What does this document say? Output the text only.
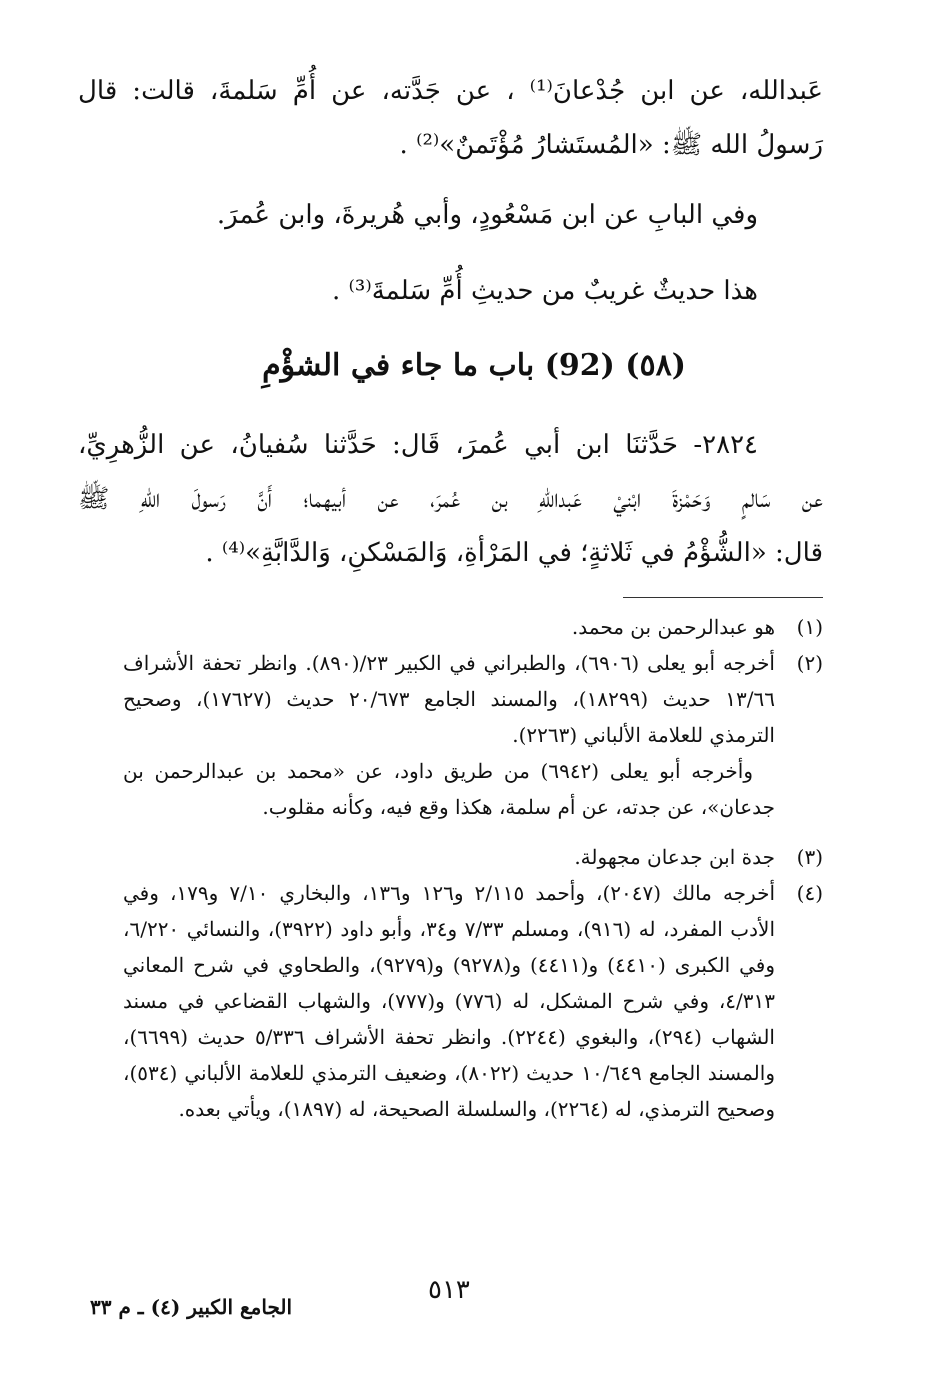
عَبدالله، عن ابن جُدْعانَ⁽¹⁾ ، عن جَدَّته، عن أُمِّ سَلمةَ، قالت: قال
رَسولُ الله ﷺ: «المُستَشارُ مُؤْتَمنٌ»⁽²⁾ .
وفي البابِ عن ابن مَسْعُودٍ، وأبي هُريرةَ، وابن عُمرَ.
هذا حديثٌ غريبٌ من حديثِ أُمِّ سَلمةَ⁽³⁾ .
(٥٨) (92) باب ما جاء في الشؤْمِ
٢٨٢٤- حَدَّثنَا ابن أبي عُمرَ، قَال: حَدَّثنا سُفيانُ، عن الزُّهرِيِّ،
عن سَالمٍ وَحَمْزةَ ابْنيْ عَبداللهِ بن عُمرَ، عن أبيهما؛ أَنَّ رَسولَ اللهِ ﷺ
قال: «الشُّؤْمُ في ثَلاثةٍ؛ في المَرْأةِ، وَالمَسْكنِ، وَالدَّابَّةِ»⁽⁴⁾ .
(١)
هو عبدالرحمن بن محمد.
(٢)
أخرجه أبو يعلى (٦٩٠٦)، والطبراني في الكبير ٢٣/(٨٩٠). وانظر تحفة الأشراف ١٣/٦٦ حديث (١٨٢٩٩)، والمسند الجامع ٢٠/٦٧٣ حديث (١٧٦٢٧)، وصحيح الترمذي للعلامة الألباني (٢٢٦٣).
وأخرجه أبو يعلى (٦٩٤٢) من طريق داود، عن «محمد بن عبدالرحمن بن جدعان»، عن جدته، عن أم سلمة، هكذا وقع فيه، وكأنه مقلوب.
(٣)
جدة ابن جدعان مجهولة.
(٤)
أخرجه مالك (٢٠٤٧)، وأحمد ٢/١١٥ و١٢٦ و١٣٦، والبخاري ٧/١٠ و١٧٩، وفي الأدب المفرد، له (٩١٦)، ومسلم ٧/٣٣ و٣٤، وأبو داود (٣٩٢٢)، والنسائي ٦/٢٢٠، وفي الكبرى (٤٤١٠) و(٤٤١١) و(٩٢٧٨) و(٩٢٧٩)، والطحاوي في شرح المعاني ٤/٣١٣، وفي شرح المشكل، له (٧٧٦) و(٧٧٧)، والشهاب القضاعي في مسند الشهاب (٢٩٤)، والبغوي (٢٢٤٤). وانظر تحفة الأشراف ٥/٣٣٦ حديث (٦٦٩٩)، والمسند الجامع ١٠/٦٤٩ حديث (٨٠٢٢)، وضعيف الترمذي للعلامة الألباني (٥٣٤)، وصحيح الترمذي، له (٢٢٦٤)، والسلسلة الصحيحة، له (١٨٩٧)، ويأتي بعده.
٥١٣
الجامع الكبير (٤) ـ م ٣٣
